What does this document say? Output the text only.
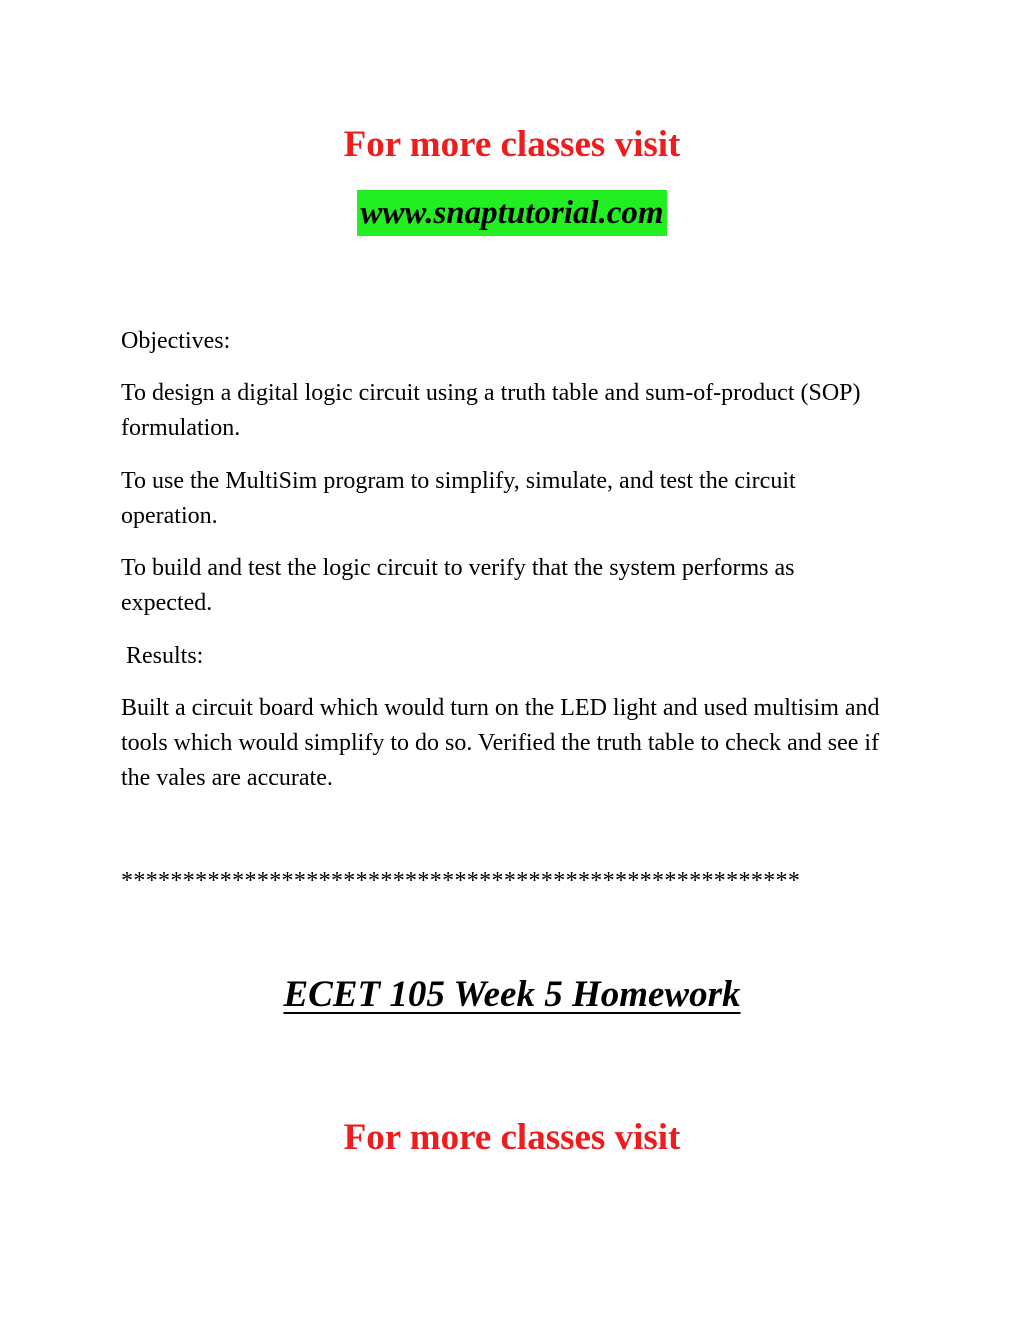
For more classes visit
www.snaptutorial.com

Objectives:

To design a digital logic circuit using a truth table and sum-of-product (SOP) formulation.

To use the MultiSim program to simplify, simulate, and test the circuit operation.

To build and test the logic circuit to verify that the system performs as expected.

Results:

Built a circuit board which would turn on the LED light and used multisim and tools which would simplify to do so. Verified the truth table to check and see if the vales are accurate.

*******************************************************
ECET 105 Week 5 Homework
For more classes visit
